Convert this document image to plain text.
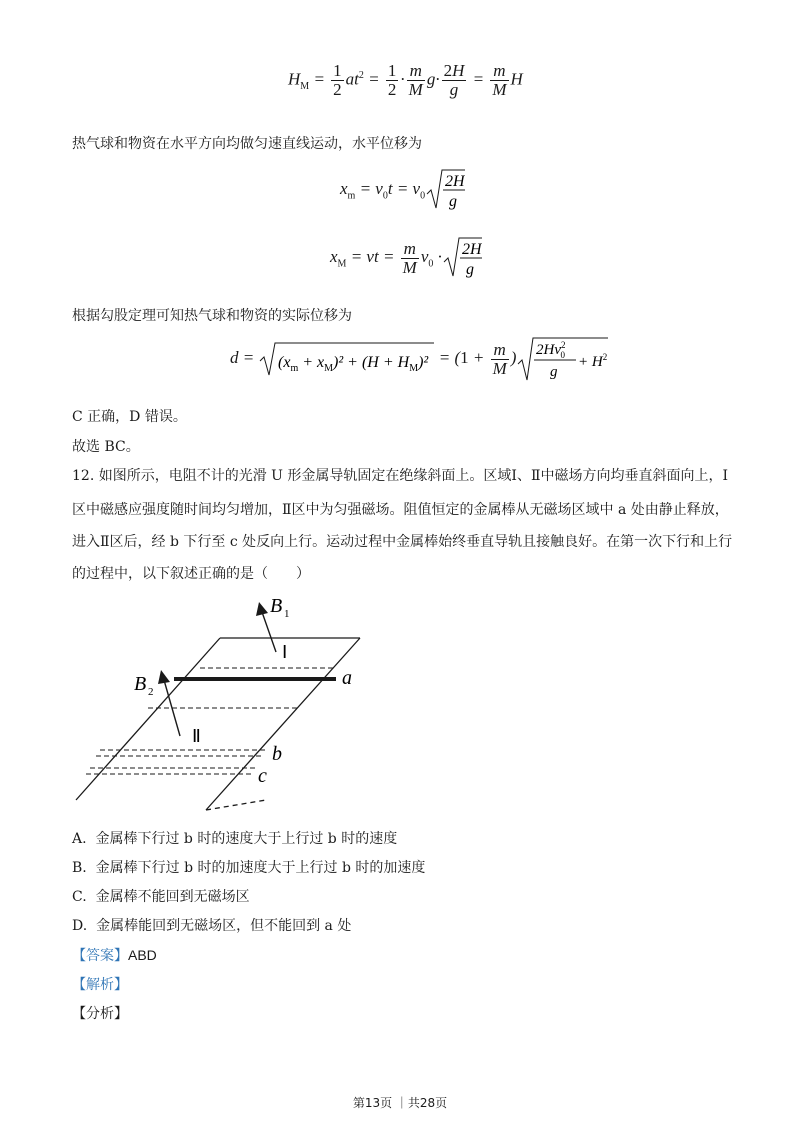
$H_M = \frac{1}{2} at^2 = \frac{1}{2} \cdot \frac{m}{M} g\cdot \frac{2H}{g} = \frac{m}{M}$ H
热气球和物资在水平方向均做匀速直线运动，水平位移为
$x_m = v_0t = v_0$
2H
g
$x_M$ = vt = $\frac{m}{M} v_0 \cdot 2H$
g
根据勾股定理可知热气球和物资的实际位移为
$d = (x_m + x_M)^2 + (H + H_M)^2 = (1 + \frac{m}{M}$ ) 2Hv$^2$ 0
g
+ $H^2$
C 正确，D 错误。
故选 BC。
12. 如图所示，电阻不计的光滑 U 形金属导轨固定在绝缘斜面上。区域Ⅰ、Ⅱ中磁场方向均垂直斜面向上，Ⅰ
区中磁感应强度随时间均匀增加，Ⅱ区中为匀强磁场。阻值恒定的金属棒从无磁场区域中 a 处由静止释放，
进入Ⅱ区后，经 b 下行至 c 处反向上行。运动过程中金属棒始终垂直导轨且接触良好。在第一次下行和上行
的过程中，以下叙述正确的是（　　）
B 1
Ⅰ
B 2
Ⅱ
a
b
c
A. 金属棒下行过 b 时的速度大于上行过 b 时的速度
B. 金属棒下行过 b 时的加速度大于上行过 b 时的加速度
C. 金属棒不能回到无磁场区
D. 金属棒能回到无磁场区，但不能回到 a 处
【答案】ABD
【解析】
【分析】
第13页 ｜共28页
